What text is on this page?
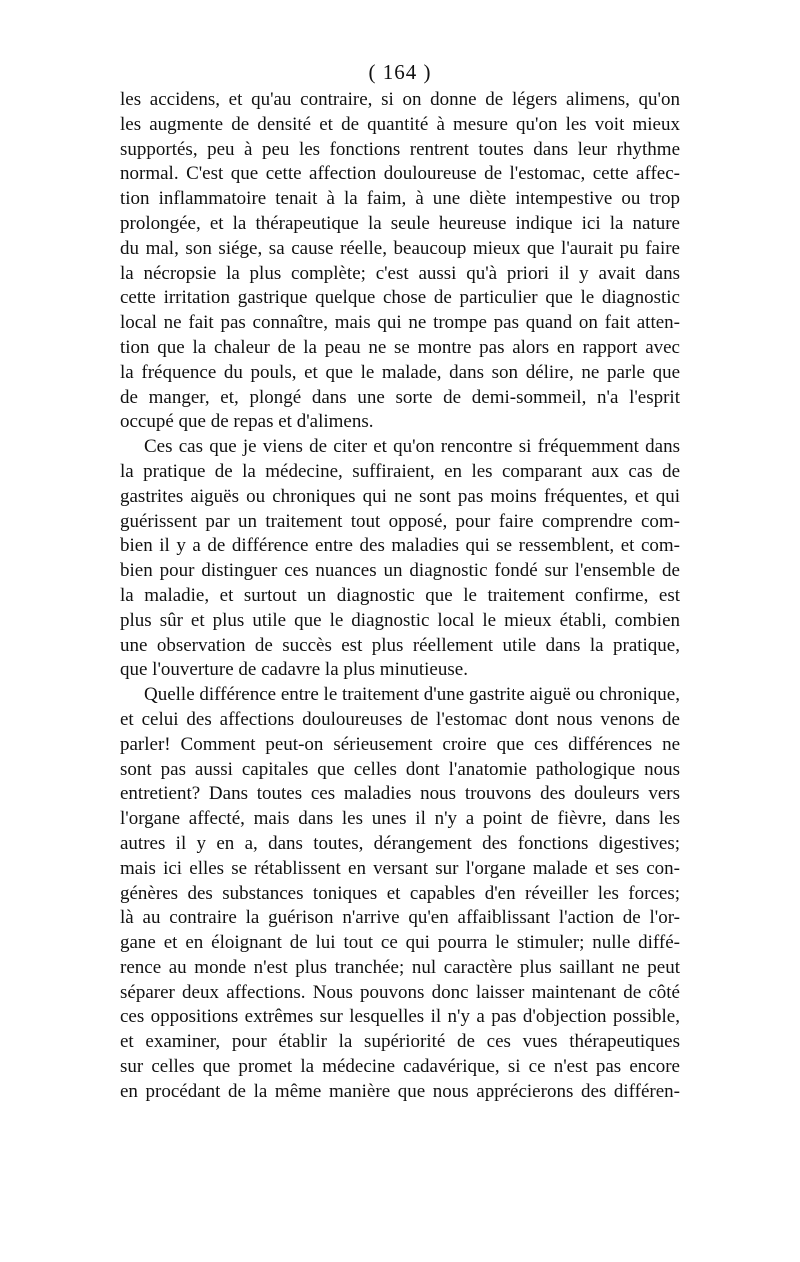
( 164 )
les accidens, et qu'au contraire, si on donne de légers alimens, qu'on
les augmente de densité et de quantité à mesure qu'on les voit mieux
supportés, peu à peu les fonctions rentrent toutes dans leur rhythme
normal. C'est que cette affection douloureuse de l'estomac, cette affec-
tion inflammatoire tenait à la faim, à une diète intempestive ou trop
prolongée, et la thérapeutique la seule heureuse indique ici la nature
du mal, son siége, sa cause réelle, beaucoup mieux que l'aurait pu faire
la nécropsie la plus complète; c'est aussi qu'à priori il y avait dans
cette irritation gastrique quelque chose de particulier que le diagnostic
local ne fait pas connaître, mais qui ne trompe pas quand on fait atten-
tion que la chaleur de la peau ne se montre pas alors en rapport avec
la fréquence du pouls, et que le malade, dans son délire, ne parle que
de manger, et, plongé dans une sorte de demi-sommeil, n'a l'esprit
occupé que de repas et d'alimens.
Ces cas que je viens de citer et qu'on rencontre si fréquemment dans
la pratique de la médecine, suffiraient, en les comparant aux cas de
gastrites aiguës ou chroniques qui ne sont pas moins fréquentes, et qui
guérissent par un traitement tout opposé, pour faire comprendre com-
bien il y a de différence entre des maladies qui se ressemblent, et com-
bien pour distinguer ces nuances un diagnostic fondé sur l'ensemble de
la maladie, et surtout un diagnostic que le traitement confirme, est
plus sûr et plus utile que le diagnostic local le mieux établi, combien
une observation de succès est plus réellement utile dans la pratique,
que l'ouverture de cadavre la plus minutieuse.
Quelle différence entre le traitement d'une gastrite aiguë ou chronique,
et celui des affections douloureuses de l'estomac dont nous venons de
parler! Comment peut-on sérieusement croire que ces différences ne
sont pas aussi capitales que celles dont l'anatomie pathologique nous
entretient? Dans toutes ces maladies nous trouvons des douleurs vers
l'organe affecté, mais dans les unes il n'y a point de fièvre, dans les
autres il y en a, dans toutes, dérangement des fonctions digestives;
mais ici elles se rétablissent en versant sur l'organe malade et ses con-
génères des substances toniques et capables d'en réveiller les forces;
là au contraire la guérison n'arrive qu'en affaiblissant l'action de l'or-
gane et en éloignant de lui tout ce qui pourra le stimuler; nulle diffé-
rence au monde n'est plus tranchée; nul caractère plus saillant ne peut
séparer deux affections. Nous pouvons donc laisser maintenant de côté
ces oppositions extrêmes sur lesquelles il n'y a pas d'objection possible,
et examiner, pour établir la supériorité de ces vues thérapeutiques
sur celles que promet la médecine cadavérique, si ce n'est pas encore
en procédant de la même manière que nous apprécierons des différen-
